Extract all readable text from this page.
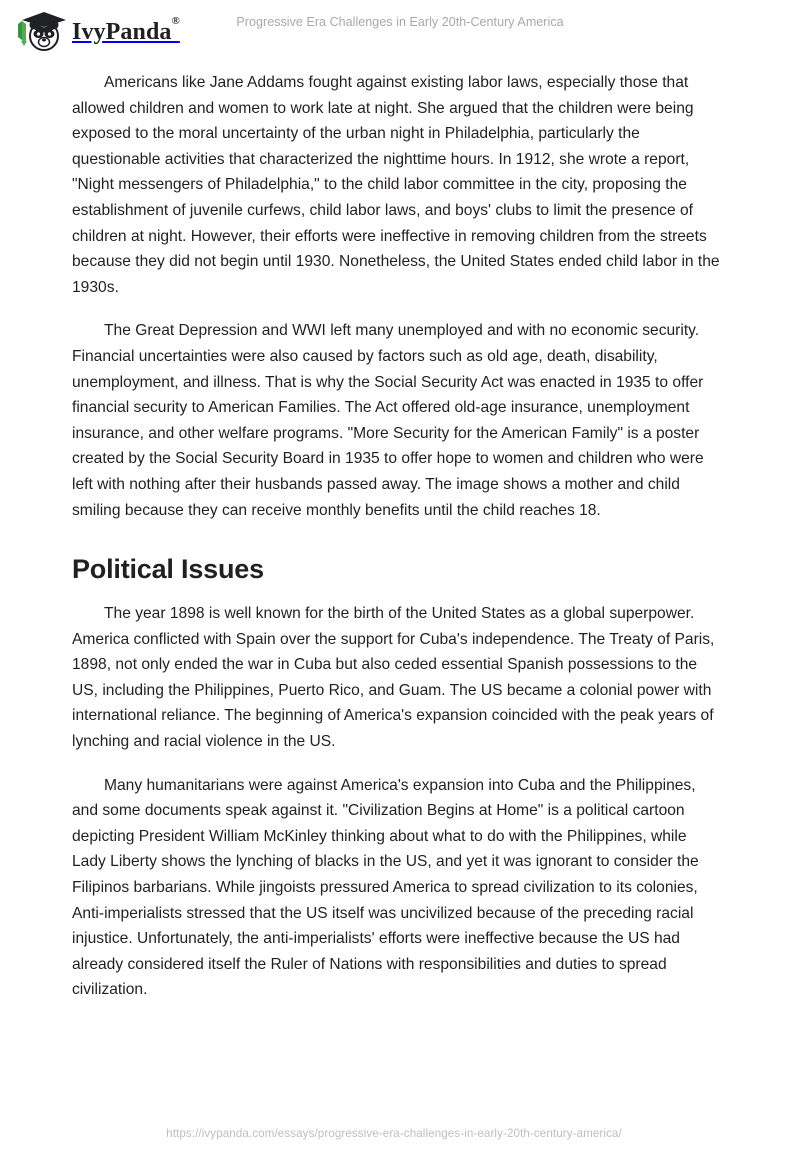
IvyPanda®	Progressive Era Challenges in Early 20th-Century America

Americans like Jane Addams fought against existing labor laws, especially those that allowed children and women to work late at night. She argued that the children were being exposed to the moral uncertainty of the urban night in Philadelphia, particularly the questionable activities that characterized the nighttime hours. In 1912, she wrote a report, "Night messengers of Philadelphia," to the child labor committee in the city, proposing the establishment of juvenile curfews, child labor laws, and boys' clubs to limit the presence of children at night. However, their efforts were ineffective in removing children from the streets because they did not begin until 1930. Nonetheless, the United States ended child labor in the 1930s.

The Great Depression and WWI left many unemployed and with no economic security. Financial uncertainties were also caused by factors such as old age, death, disability, unemployment, and illness. That is why the Social Security Act was enacted in 1935 to offer financial security to American Families. The Act offered old-age insurance, unemployment insurance, and other welfare programs. "More Security for the American Family" is a poster created by the Social Security Board in 1935 to offer hope to women and children who were left with nothing after their husbands passed away. The image shows a mother and child smiling because they can receive monthly benefits until the child reaches 18.

Political Issues

The year 1898 is well known for the birth of the United States as a global superpower. America conflicted with Spain over the support for Cuba's independence. The Treaty of Paris, 1898, not only ended the war in Cuba but also ceded essential Spanish possessions to the US, including the Philippines, Puerto Rico, and Guam. The US became a colonial power with international reliance. The beginning of America's expansion coincided with the peak years of lynching and racial violence in the US.

Many humanitarians were against America's expansion into Cuba and the Philippines, and some documents speak against it. "Civilization Begins at Home" is a political cartoon depicting President William McKinley thinking about what to do with the Philippines, while Lady Liberty shows the lynching of blacks in the US, and yet it was ignorant to consider the Filipinos barbarians. While jingoists pressured America to spread civilization to its colonies, Anti-imperialists stressed that the US itself was uncivilized because of the preceding racial injustice. Unfortunately, the anti-imperialists' efforts were ineffective because the US had already considered itself the Ruler of Nations with responsibilities and duties to spread civilization.

https://ivypanda.com/essays/progressive-era-challenges-in-early-20th-century-america/
